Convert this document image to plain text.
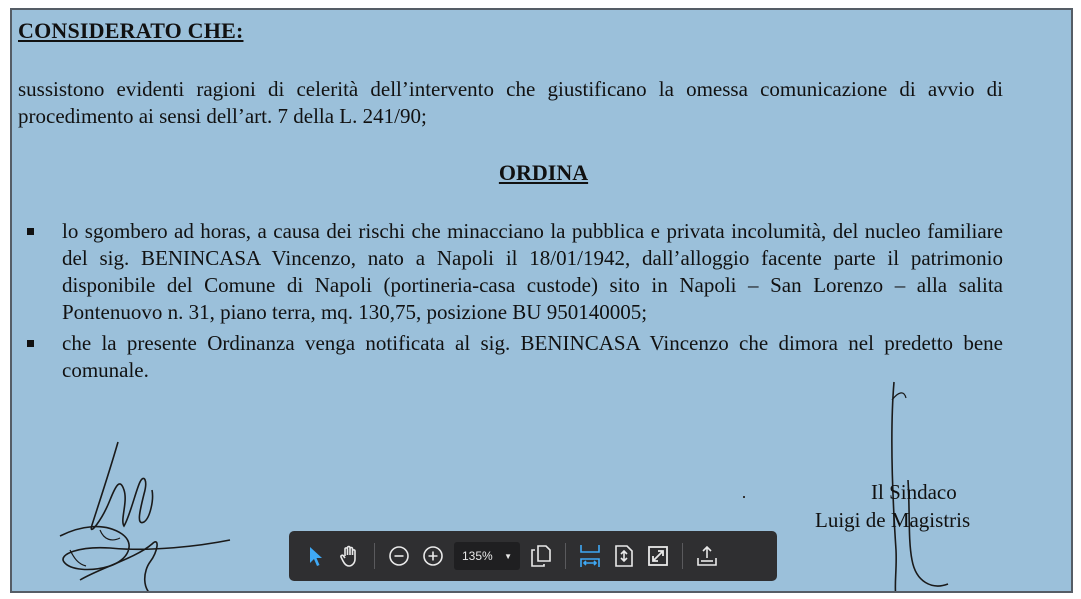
CONSIDERATO CHE:
sussistono evidenti ragioni di celerità dell’intervento che giustificano la omessa comunicazione di avvio di procedimento ai sensi dell’art. 7 della L. 241/90;
ORDINA
lo sgombero ad horas, a causa dei rischi che minacciano la pubblica e privata incolumità, del nucleo familiare del sig. BENINCASA Vincenzo, nato a Napoli il 18/01/1942, dall’alloggio facente parte il patrimonio disponibile del Comune di Napoli (portineria-casa custode) sito in Napoli – San Lorenzo – alla salita Pontenuovo n. 31, piano terra, mq. 130,75, posizione BU 950140005;
che la presente Ordinanza venga notificata al sig. BENINCASA Vincenzo che dimora nel predetto bene comunale.
Il Sindaco
Luigi de Magistris
135% ▼
